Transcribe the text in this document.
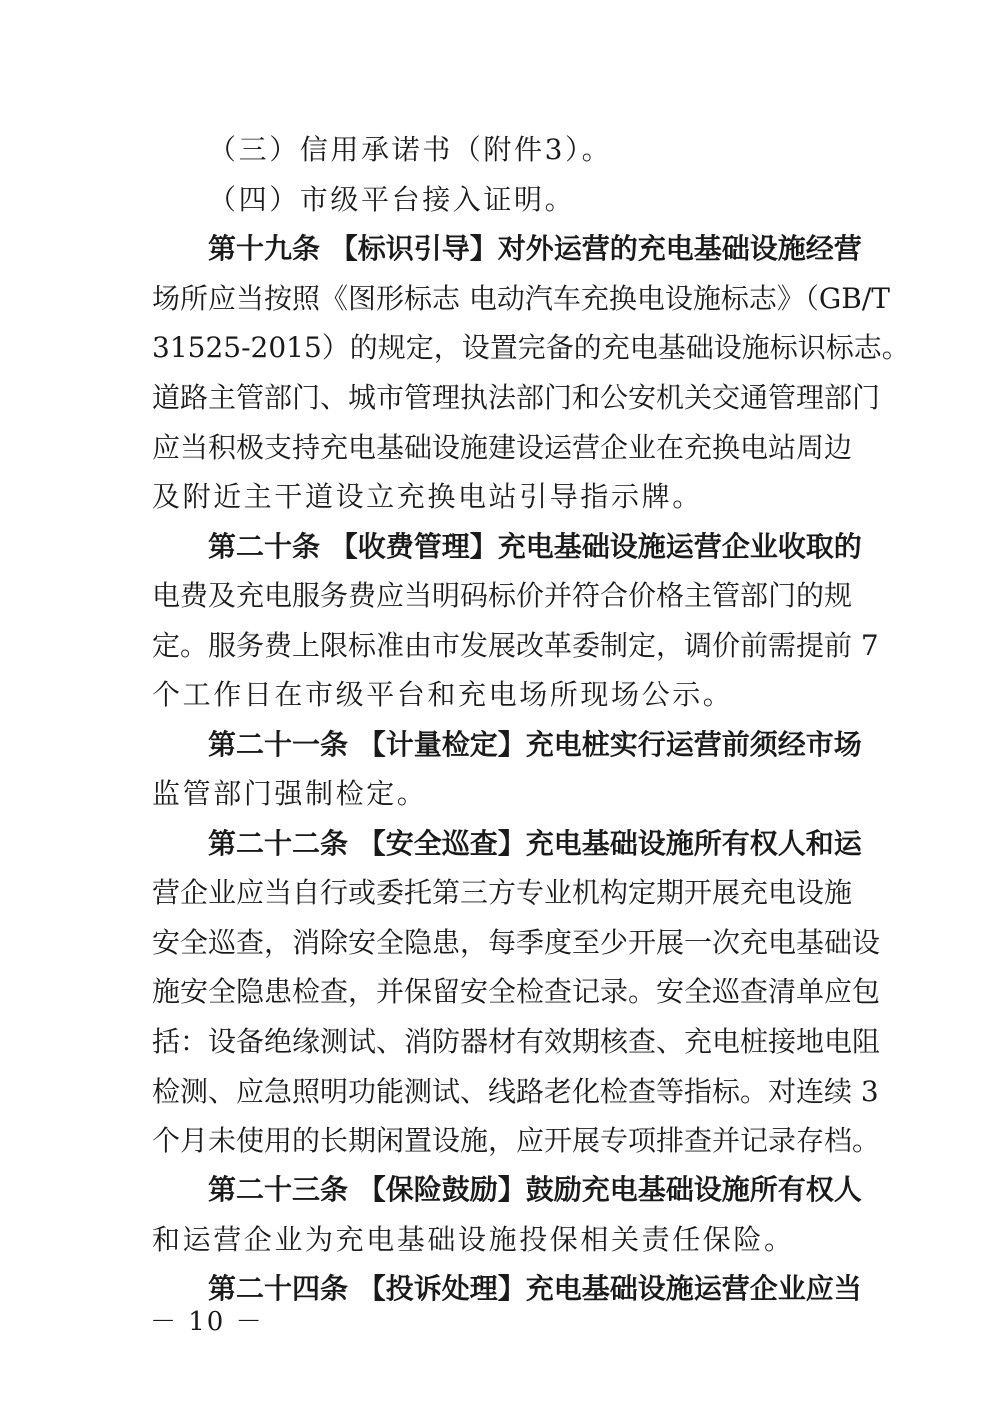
（三）信用承诺书（附件3）。
（四）市级平台接入证明。
第十九条 【标识引导】对外运营的充电基础设施经营
场所应当按照《图形标志 电动汽车充换电设施标志》（GB/T
31525-2015）的规定，设置完备的充电基础设施标识标志。
道路主管部门、城市管理执法部门和公安机关交通管理部门
应当积极支持充电基础设施建设运营企业在充换电站周边
及附近主干道设立充换电站引导指示牌。
第二十条 【收费管理】充电基础设施运营企业收取的
电费及充电服务费应当明码标价并符合价格主管部门的规
定。服务费上限标准由市发展改革委制定，调价前需提前 7
个工作日在市级平台和充电场所现场公示。
第二十一条 【计量检定】充电桩实行运营前须经市场
监管部门强制检定。
第二十二条 【安全巡查】充电基础设施所有权人和运
营企业应当自行或委托第三方专业机构定期开展充电设施
安全巡查，消除安全隐患，每季度至少开展一次充电基础设
施安全隐患检查，并保留安全检查记录。安全巡查清单应包
括：设备绝缘测试、消防器材有效期核查、充电桩接地电阻
检测、应急照明功能测试、线路老化检查等指标。对连续 3
个月未使用的长期闲置设施，应开展专项排查并记录存档。
第二十三条 【保险鼓励】鼓励充电基础设施所有权人
和运营企业为充电基础设施投保相关责任保险。
第二十四条 【投诉处理】充电基础设施运营企业应当
－ 10 －
